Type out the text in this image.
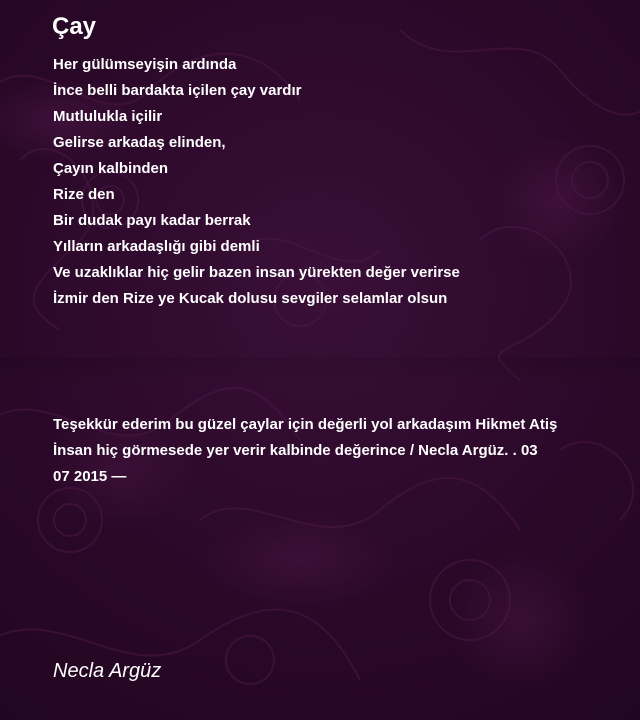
Çay
Her gülümseyişin ardında
İnce belli bardakta içilen çay vardır
Mutlulukla içilir
Gelirse arkadaş elinden,
Çayın kalbinden
Rize den
Bir dudak payı kadar berrak
Yılların arkadaşlığı gibi demli
Ve uzaklıklar hiç gelir bazen insan yürekten değer verirse
İzmir den Rize ye Kucak dolusu sevgiler selamlar olsun
Teşekkür ederim bu güzel çaylar için değerli yol arkadaşım Hikmet Atiş
İnsan hiç görmesede yer verir kalbinde değerince / Necla Argüz. . 03
07 2015 —
Necla Argüz
